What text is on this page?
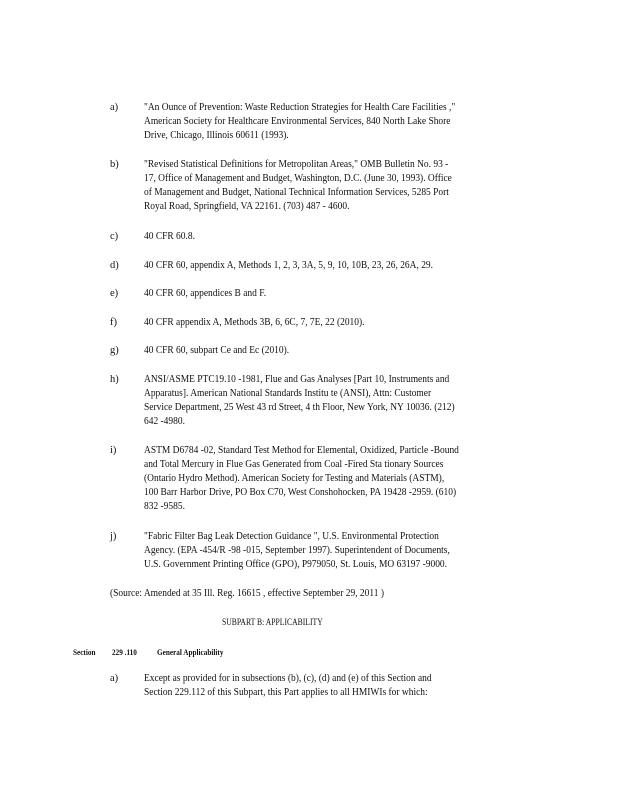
a) "An Ounce of Prevention: Waste Reduction Strategies for Health Care Facilities ,"
American Society for Healthcare Environmental Services, 840 North Lake Shore
Drive, Chicago, Illinois 60611 (1993).
b) "Revised Statistical Definitions for Metropolitan Areas," OMB Bulletin No. 93 -
17, Office of Management and Budget, Washington, D.C. (June 30, 1993). Office
of Management and Budget, National Technical Information Services, 5285 Port
Royal Road, Springfield, VA 22161. (703) 487 - 4600.
c) 40 CFR 60.8.
d) 40 CFR 60, appendix A, Methods 1, 2, 3, 3A, 5, 9, 10, 10B, 23, 26, 26A, 29.
e) 40 CFR 60, appendices B and F.
f)	40 CFR appendix A, Methods 3B, 6, 6C, 7, 7E, 22 (2010).
g) 40 CFR 60, subpart Ce and Ec (2010).
h) ANSI/ASME PTC19.10 -1981, Flue and Gas Analyses [Part 10, Instruments and
Apparatus]. American National Standards Institu te (ANSI), Attn: Customer
Service Department, 25 West 43 rd Street, 4 th Floor, New York, NY 10036. (212)
642 -4980.
i)	ASTM D6784 -02, Standard Test Method for Elemental, Oxidized, Particle -Bound
and Total Mercury in Flue Gas Generated from Coal -Fired Sta tionary Sources
(Ontario Hydro Method). American Society for Testing and Materials (ASTM),
100 Barr Harbor Drive, PO Box C70, West Conshohocken, PA 19428 -2959. (610)
832 -9585.
j)	"Fabric Filter Bag Leak Detection Guidance ", U.S. Environmental Protection
Agency. (EPA -454/R -98 -015, September 1997). Superintendent of Documents,
U.S. Government Printing Office (GPO), P979050, St. Louis, MO 63197 -9000.
(Source: Amended at 35 Ill. Reg. 16615 , effective September 29, 2011 )
SUBPART B: APPLICABILITY
Section 229 .110 General Applicability
a) Except as provided for in subsections (b), (c), (d) and (e) of this Section and
Section 229.112 of this Subpart, this Part applies to all HMIWIs for which:
